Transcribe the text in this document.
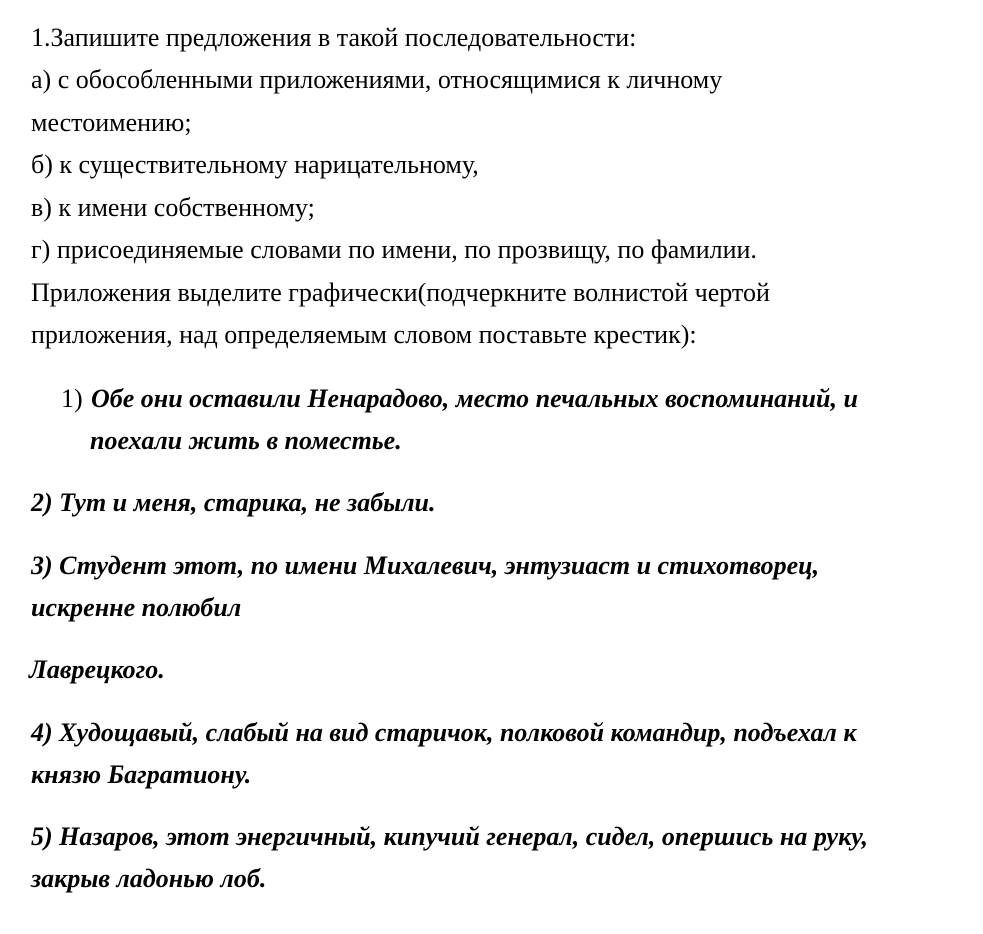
1.Запишите предложения в такой последовательности:

а) с обособленными приложениями, относящимися к личному

местоимению;

б) к существительному нарицательному,

в) к имени собственному;

г) присоединяемые словами по имени, по прозвищу, по фамилии.

Приложения выделите графически(подчеркните волнистой чертой

приложения, над определяемым словом поставьте крестик):

1) Обе они оставили Ненарадово, место печальных воспоминаний, и

поехали жить в поместье.

2) Тут и меня, старика, не забыли.

3) Студент этот, по имени Михалевич, энтузиаст и стихотворец,

искренне полюбил

Лаврецкого.

4) Худощавый, слабый на вид старичок, полковой командир, подъехал к

князю Багратиону.

5) Назаров, этот энергичный, кипучий генерал, сидел, опершись на руку,

закрыв ладонью лоб.
